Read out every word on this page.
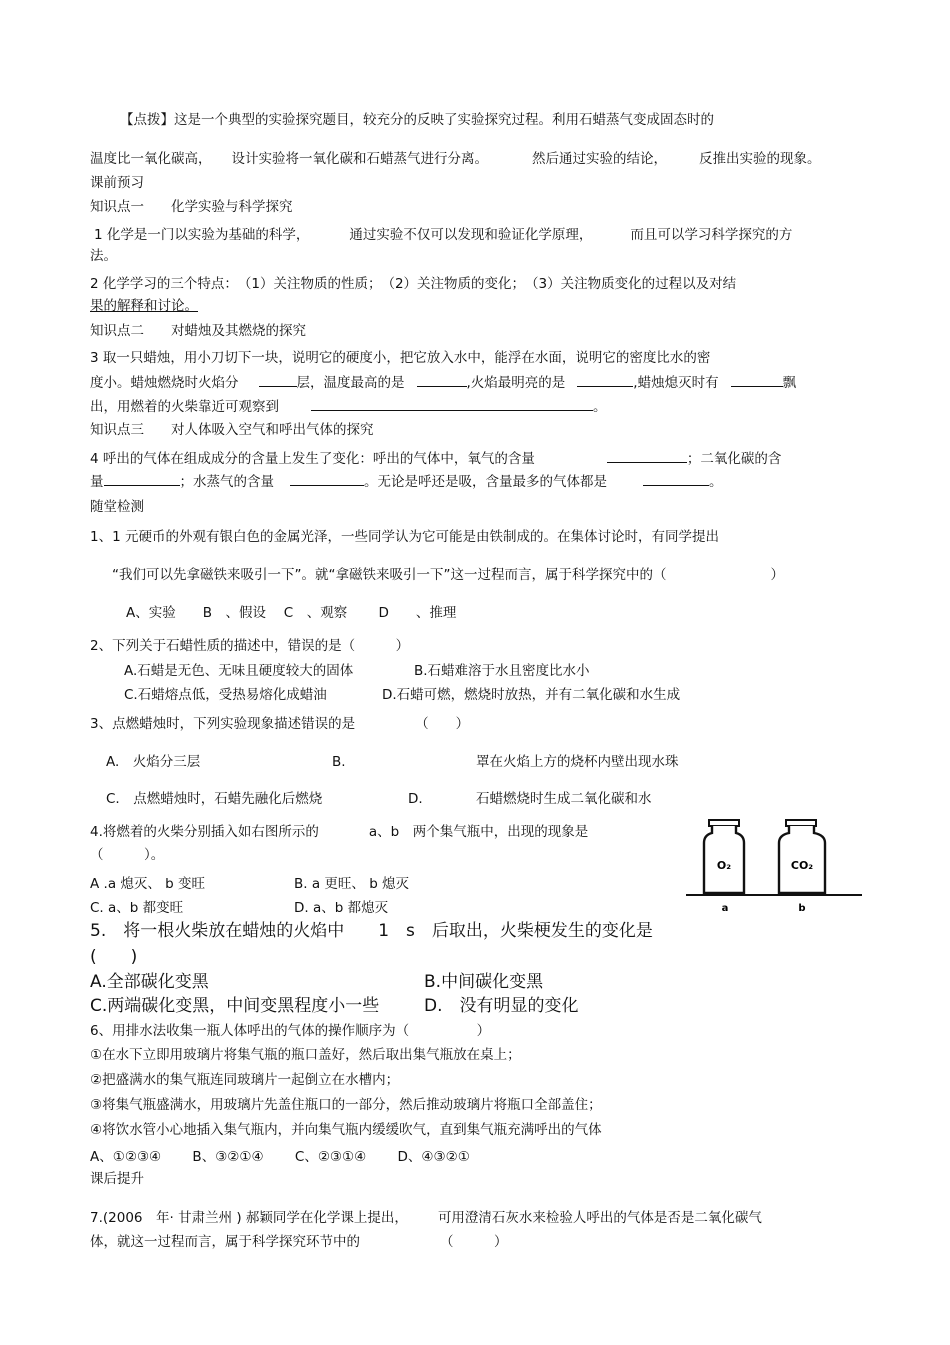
【点拨】这是一个典型的实验探究题目，较充分的反映了实验探究过程。利用石蜡蒸气变成固态时的
温度比一氧化碳高， 设计实验将一氧化碳和石蜡蒸气进行分离。	然后通过实验的结论， 反推出实验的现象。
课前预习
知识点一　　化学实验与科学探究
1 化学是一门以实验为基础的科学，	通过实验不仅可以发现和验证化学原理，	而且可以学习科学探究的方
法。
2 化学学习的三个特点：　（1）关注物质的性质；　（2）关注物质的变化；　（3）关注物质变化的过程以及对结
果的解释和讨论。
知识点二　　对蜡烛及其燃烧的探究
3 取一只蜡烛，用小刀切下一块，说明它的硬度小，把它放入水中，能浮在水面，说明它的密度比水的密
度小。蜡烛燃烧时火焰分	层，温度最高的是	,火焰最明亮的是	,蜡烛熄灭时有	飘
出，用燃着的火柴靠近可观察到	。
知识点三　　对人体吸入空气和呼出气体的探究
4 呼出的气体在组成成分的含量上发生了变化：呼出的气体中，氧气的含量	；二氧化碳的含
量	；水蒸气的含量	。无论是呼还是吸，含量最多的气体都是	。
随堂检测
1、1 元硬币的外观有银白色的金属光泽，一些同学认为它可能是由铁制成的。在集体讨论时，有同学提出
“我们可以先拿磁铁来吸引一下”。就“拿磁铁来吸引一下”这一过程而言，属于科学探究中的（	）
A、实验　　B　、假设　 C　、观察　　 D　　、推理
2、下列关于石蜡性质的描述中，错误的是（　　　）
A.石蜡是无色、无味且硬度较大的固体	B.石蜡难溶于水且密度比水小
C.石蜡熔点低，受热易熔化成蜡油	D.石蜡可燃，燃烧时放热，并有二氧化碳和水生成
3、点燃蜡烛时，下列实验现象描述错误的是	（　　）
A.　火焰分三层	B.	罩在火焰上方的烧杯内壁出现水珠
C.　点燃蜡烛时，石蜡先融化后燃烧	D.	石蜡燃烧时生成二氧化碳和水
4.将燃着的火柴分别插入如右图所示的	a、b　两个集气瓶中，出现的现象是
（　　　）。
A .a 熄灭、 b 变旺	B. a 更旺、 b 熄灭
C. a、b 都变旺	D. a、b 都熄灭
O₂	CO₂
a	b
5.　将一根火柴放在蜡烛的火焰中　　1　s　后取出，火柴梗发生的变化是
(　　)
A.全部碳化变黑	B.中间碳化变黑
C.两端碳化变黑，中间变黑程度小一些	D.　没有明显的变化
6、用排水法收集一瓶人体呼出的气体的操作顺序为（　　　　　）
①在水下立即用玻璃片将集气瓶的瓶口盖好，然后取出集气瓶放在桌上；
②把盛满水的集气瓶连同玻璃片一起倒立在水槽内；
③将集气瓶盛满水，用玻璃片先盖住瓶口的一部分，然后推动玻璃片将瓶口全部盖住；
④将饮水管小心地插入集气瓶内，并向集气瓶内缓缓吹气，直到集气瓶充满呼出的气体
A、①②③④　　 B、③②①④　　 C、②③①④　　 D、④③②①
课后提升
7.(2006　年· 甘肃兰州 ) 郝颖同学在化学课上提出， 可用澄清石灰水来检验人呼出的气体是否是二氧化碳气
体，就这一过程而言，属于科学探究环节中的	（　　　）
